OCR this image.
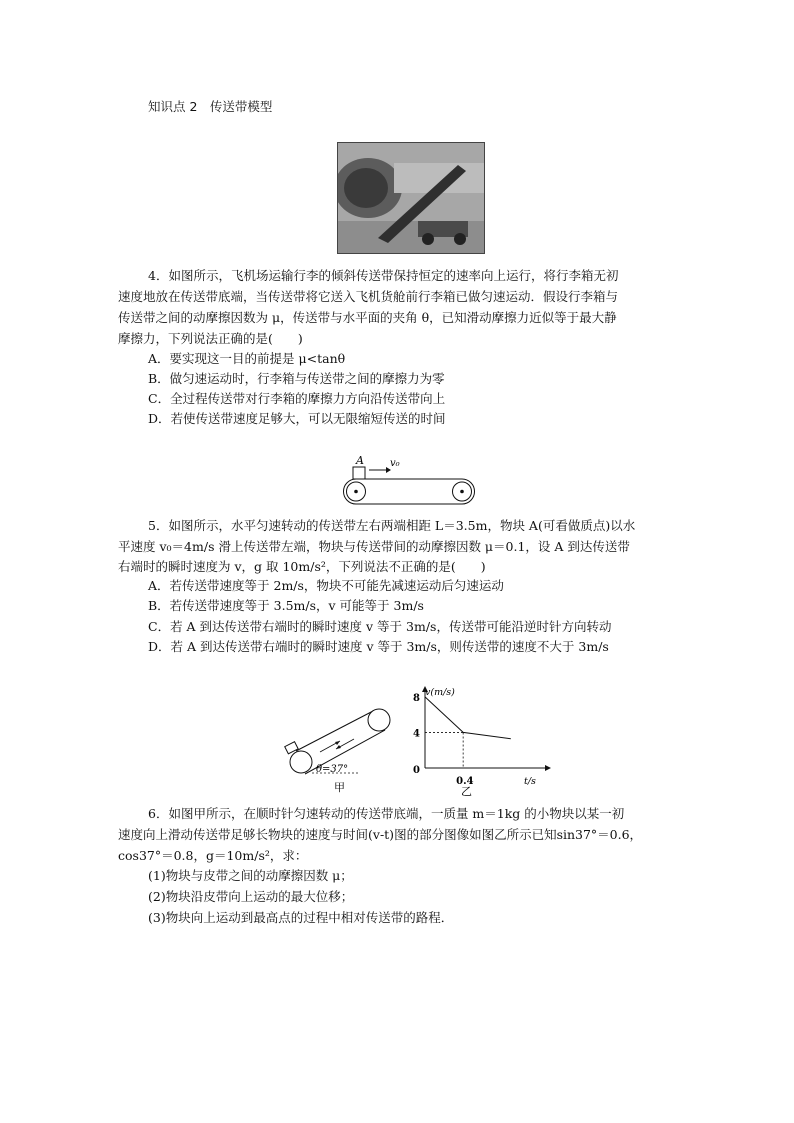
知识点 2　传送带模型
4．如图所示，飞机场运输行李的倾斜传送带保持恒定的速率向上运行，将行李箱无初
速度地放在传送带底端，当传送带将它送入飞机货舱前行李箱已做匀速运动．假设行李箱与
传送带之间的动摩擦因数为 μ，传送带与水平面的夹角 θ，已知滑动摩擦力近似等于最大静
摩擦力，下列说法正确的是(　　)
A．要实现这一目的前提是 μ<tanθ
B．做匀速运动时，行李箱与传送带之间的摩擦力为零
C．全过程传送带对行李箱的摩擦力方向沿传送带向上
D．若使传送带速度足够大，可以无限缩短传送的时间
A	v₀
5．如图所示，水平匀速转动的传送带左右两端相距 L＝3.5m，物块 A(可看做质点)以水
平速度 v₀＝4m/s 滑上传送带左端，物块与传送带间的动摩擦因数 μ＝0.1，设 A 到达传送带
右端时的瞬时速度为 v，g 取 10m/s²，下列说法不正确的是(　　)
A．若传送带速度等于 2m/s，物块不可能先减速运动后匀速运动
B．若传送带速度等于 3.5m/s，v 可能等于 3m/s
C．若 A 到达传送带右端时的瞬时速度 v 等于 3m/s，传送带可能沿逆时针方向转动
D．若 A 到达传送带右端时的瞬时速度 v 等于 3m/s，则传送带的速度不大于 3m/s
θ=37°
甲
v(m/s)
t/s
0
8
4
0.4
乙
6．如图甲所示，在顺时针匀速转动的传送带底端，一质量 m＝1kg 的小物块以某一初
速度向上滑动传送带足够长物块的速度与时间(v-t)图的部分图像如图乙所示已知sin37°＝0.6，
cos37°＝0.8，g＝10m/s²，求：
(1)物块与皮带之间的动摩擦因数 μ；
(2)物块沿皮带向上运动的最大位移；
(3)物块向上运动到最高点的过程中相对传送带的路程．
